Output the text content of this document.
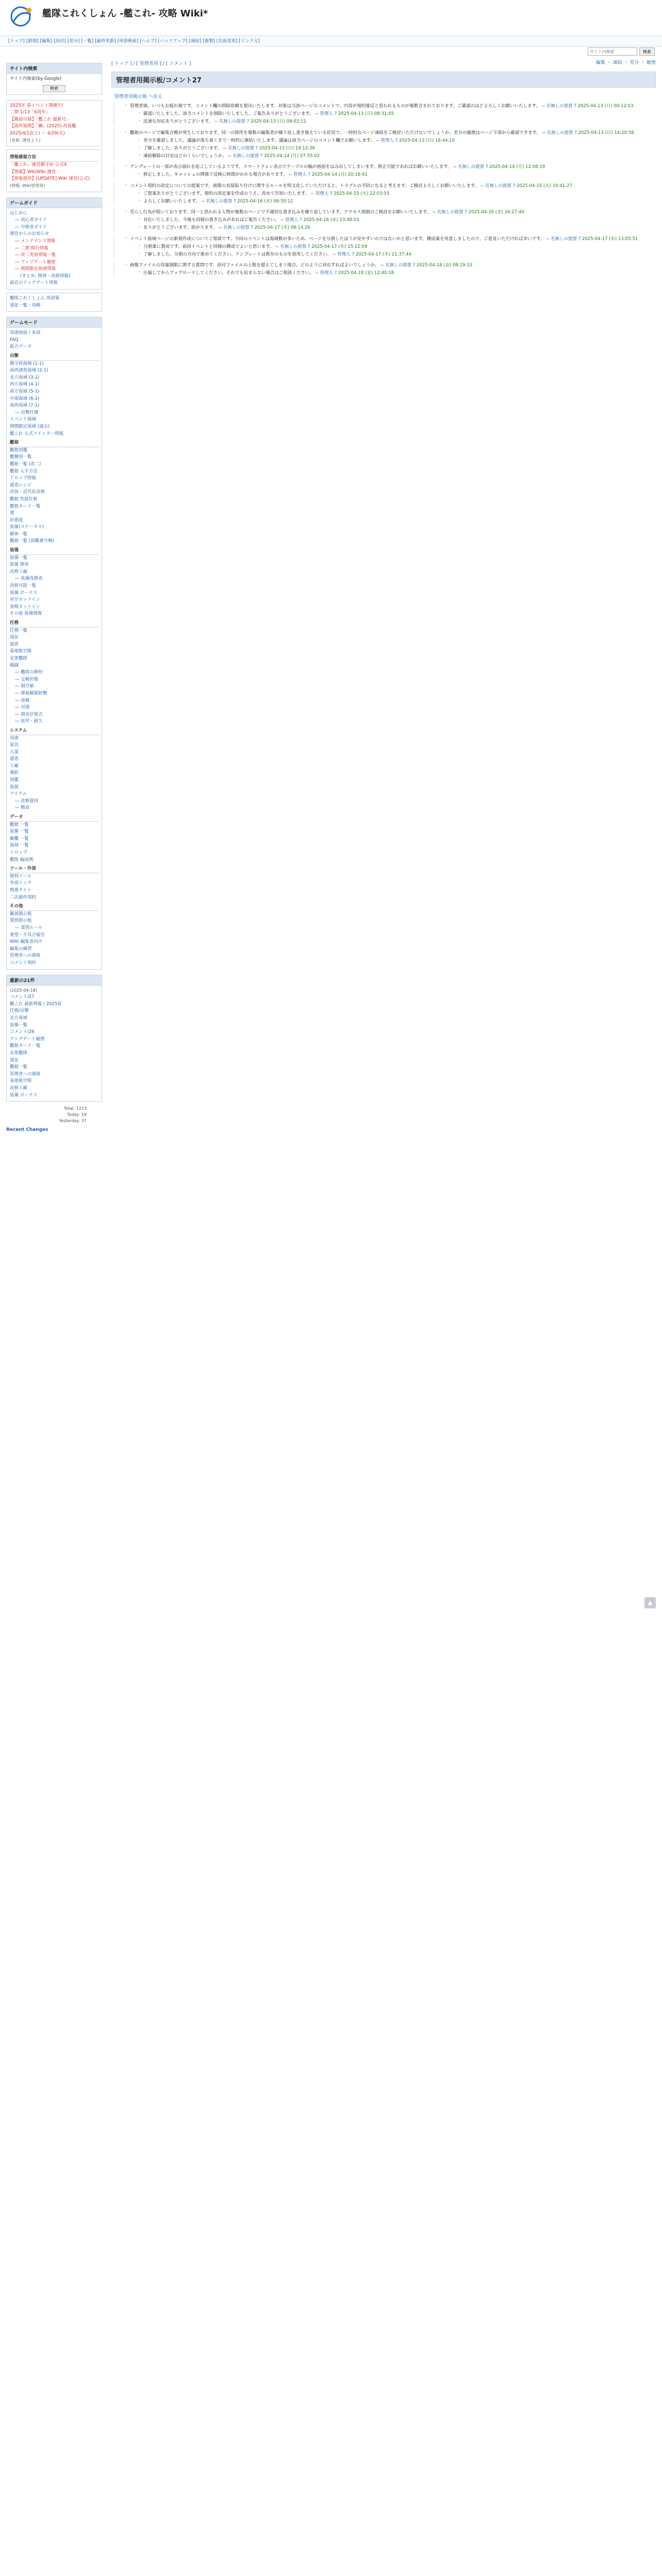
艦隊これくしょん -艦これ- 攻略 Wiki*
[トップ] [新規] [編集] [添付] [差分] [一覧] [最終更新] [単語検索] [ヘルプ] [バックアップ] [凍結] [複製] [名前変更] [リンク元]
サイト内検索
検索
サイト内検索
サイト内検索(by Google)
検索
2025年 春イベント開催中!
二期 1/13「6周年」
【雑誌付録】「艦これ 最新号」
【海外展開】「鋼」(2025) 改装艦
2025/4/12(土) ～ 4/29(火)
(更新: 運営より)
情報確認方法
「艦これ」運営鎮守府 公式X
【情報】WikiWiki 運営
【情報提供】[UPDATE] Wiki 運営(公式)
(情報: Wiki管理者)
ゲームガイド
はじめに
― 初心者ガイド
― 中級者ガイド
運営からのお知らせ
― メンテナンス情報
― 二期 移行情報
― 改二実装情報一覧
― アップデート履歴
― 期間限定海域情報
(まとめ: 開発・改修情報)
最近のアップデート情報
艦隊これくしょん 用語集
遠征一覧・攻略
ゲームモード
母港画面 / 本部
FAQ
総合データ
出撃
鎮守府海域 (1-1)
南西諸島海域 (2-1)
北方海域 (3-1)
西方海域 (4-1)
南方海域 (5-1)
中部海域 (6-1)
南西海域 (7-1)
― 出撃任務
イベント海域
期間限定海域 (過去)
艦これ 公式ツイッター情報
艦娘
艦娘図鑑
艦種別一覧
艦娘一覧 (改二)
艦娘 入手方法
ドロップ情報
建造レシピ
改装・近代化改修
艦娘 性能比較
艦娘カード一覧
運
好感度
装備(ステータス)
解体一覧
艦娘一覧 (図鑑番号順)
装備
装備一覧
装備 開発
改修工廠
― 装備改修表
改修可能一覧
装備 ボーナス
対空カットイン
夜戦カットイン
その他 装備情報
任務
任務一覧
遠征
演習
基地航空隊
友軍艦隊
戦闘
― 艦隊の陣形
― 交戦形態
― 制空値
― 弾着観測射撃
― 夜戦
― 対潜
― 損害計算式
― 装甲・耐久
システム
母港
家具
入渠
建造
工廠
補給
図鑑
資源
アイテム
― 改修資材
― 勲章
データ
艦娘 一覧
装備 一覧
敵艦 一覧
海域 一覧
ドロップ
艦隊 編成例
ツール・外部
便利ツール
外部リンク
関連サイト
二次創作規約
その他
雑談掲示板
質問掲示板
― 質問ルール
要望・不具合報告
Wiki 編集者向け
編集の練習
管理者への連絡
コメント規約
最新の21件
(2025-04-18)
コメント/27
艦これ 最新情報 / 2025春
任務/出撃
北方海域
装備一覧
コメント/26
アップデート履歴
艦娘カード一覧
友軍艦隊
遠征
艦娘一覧
管理者への連絡
基地航空隊
改修工廠
装備 ボーナス
Total: 1223
Today: 19
Yesterday: 37
Recent Changes
[ トップ ] / [ 管理者用 ] / [ コメント ]	編集 ・ 凍結 ・ 差分 ・ 履歴
管理者用掲示板/コメント27
管理者用掲示板 へ戻る

・ 管理者様、いつもお疲れ様です。コメント欄の削除依頼を提出いたします。対象は当該ページのコメントで、内容が規約違反と思われるものが複数含まれております。ご確認のほどよろしくお願いいたします。 -- 名無しの提督 ? 2025-04-13 (日) 00:12:03

・ 確認いたしました。該当コメントを削除いたしました。ご報告ありがとうございます。 -- 管理人 ? 2025-04-13 (日) 08:31:45

・ 迅速な対応ありがとうございます。 -- 名無しの提督 ? 2025-04-13 (日) 09:02:11

・ 艦娘のページで編集合戦が発生しております。同一の箇所を複数の編集者が繰り返し書き換えている状況で、一時的なページ凍結をご検討いただけないでしょうか。差分の履歴はページ下部から確認できます。 -- 名無しの提督 ? 2025-04-13 (日) 14:20:58

・ 差分を確認しました。議論が落ち着くまで一時的に凍結いたします。議論は該当ページのコメント欄でお願いします。 -- 管理人 ? 2025-04-13 (日) 18:44:10

・ 了解しました。ありがとうございます。 -- 名無しの提督 ? 2025-04-13 (日) 19:12:36

・ 凍結解除の目安はどのくらいでしょうか。 -- 名無しの提督 ? 2025-04-14 (月) 07:55:02

・ テンプレートの一部が表示崩れを起こしているようです。スマートフォン表示でテーブルの幅が画面をはみ出してしまいます。修正可能であればお願いいたします。 -- 名無しの提督 ? 2025-04-14 (月) 12:08:19

・ 修正しました。キャッシュの関係で反映に時間がかかる場合があります。 -- 管理人 ? 2025-04-14 (月) 20:16:41

・ コメント規約の改定についての提案です。画像の直接貼り付けに関するルールを明文化していただけると、トラブルの予防になると考えます。ご検討よろしくお願いいたします。 -- 名無しの提督 ? 2025-04-15 (火) 10:41:27

・ ご提案ありがとうございます。規約の改定案を作成のうえ、改めて告知いたします。 -- 管理人 ? 2025-04-15 (火) 22:03:55

・ よろしくお願いいたします。 -- 名無しの提督 ? 2025-04-16 (水) 06:30:12

・ 荒らし行為が続いております。同一と思われる人物が複数のページで不適切な書き込みを繰り返しています。アクセス規制のご検討をお願いいたします。 -- 名無しの提督 ? 2025-04-16 (水) 16:27:40

・ 対応いたしました。今後も同様の書き込みがあればご報告ください。 -- 管理人 ? 2025-04-16 (水) 23:48:03

・ ありがとうございます。助かります。 -- 名無しの提督 ? 2025-04-17 (木) 08:14:26

・ イベント海域ページの新規作成についてご相談です。今回のイベントは海域数が多いため、ページを分割したほうが見やすいのではないかと思います。構成案を用意しましたので、ご意見いただければ幸いです。 -- 名無しの提督 ? 2025-04-17 (木) 13:05:51

・ 分割案に賛成です。前回イベントと同様の構成でよいと思います。 -- 名無しの提督 ? 2025-04-17 (木) 15:22:09

・ 了解しました。分割の方向で進めてください。テンプレートは既存のものを流用してください。 -- 管理人 ? 2025-04-17 (木) 21:37:44

・ 画像ファイルの容量制限に関する質問です。添付ファイルの上限を超えてしまう場合、どのように対応すればよいでしょうか。 -- 名無しの提督 ? 2025-04-18 (金) 09:19:33

・ 圧縮してからアップロードしてください。それでも収まらない場合はご相談ください。 -- 管理人 ? 2025-04-18 (金) 12:40:18

▲
